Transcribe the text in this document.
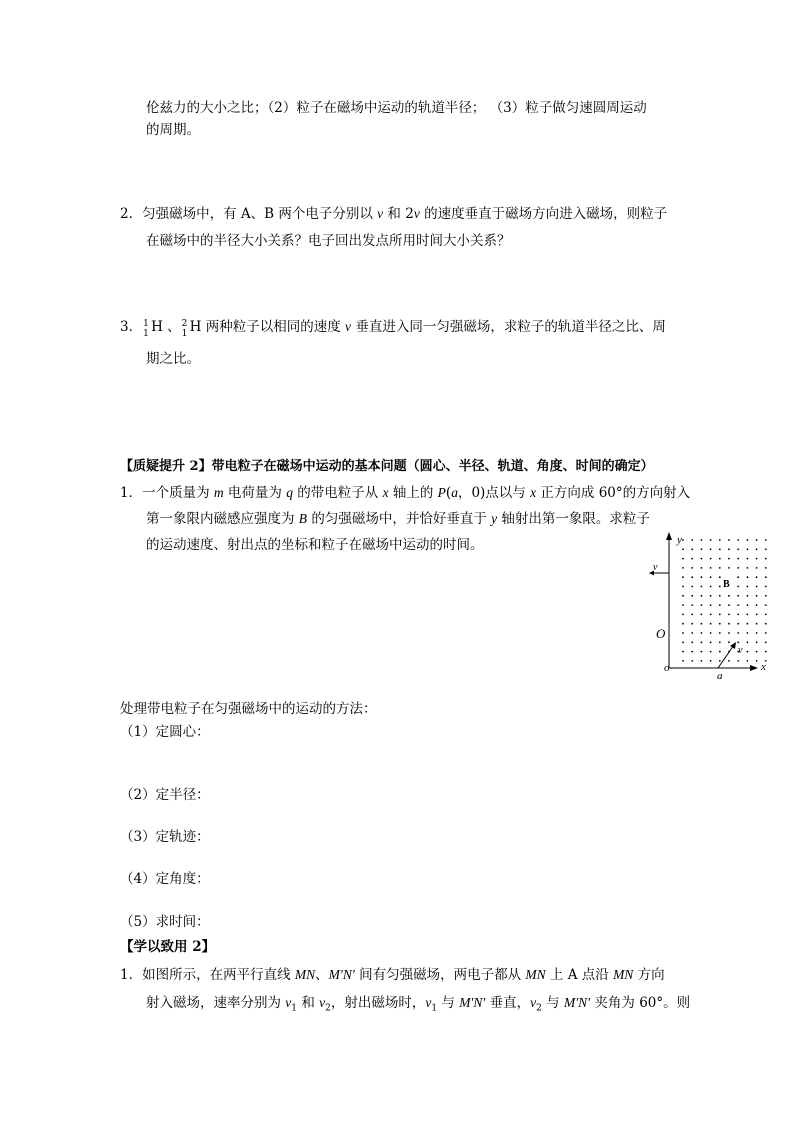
伦兹力的大小之比；（2）粒子在磁场中运动的轨道半径； （3）粒子做匀速圆周运动
的周期。
2．匀强磁场中，有 A、B 两个电子分别以 v 和 2v 的速度垂直于磁场方向进入磁场，则粒子
在磁场中的半径大小关系？电子回出发点所用时间大小关系？
3． 1
1 H 、 2
1 H 两种粒子以相同的速度 v 垂直进入同一匀强磁场，求粒子的轨道半径之比、周
期之比。
【质疑提升 2】带电粒子在磁场中运动的基本问题（圆心、半径、轨道、角度、时间的确定）
1．一个质量为 m 电荷量为 q 的带电粒子从 x 轴上的 P(a，0)点以与 x 正方向成 60°的方向射入
第一象限内磁感应强度为 B 的匀强磁场中，并恰好垂直于 y 轴射出第一象限。求粒子
的运动速度、射出点的坐标和粒子在磁场中运动的时间。	y
x
o
O
B
v
v
a
处理带电粒子在匀强磁场中的运动的方法：
（1）定圆心：
（2）定半径：
（3）定轨迹：
（4）定角度：
（5）求时间：
【学以致用 2】
1．如图所示，在两平行直线 MN、M′N′ 间有匀强磁场，两电子都从 MN 上 A 点沿 MN 方向
射入磁场，速率分别为 $v_1$ 和 $v_2$，射出磁场时，$v_1$ 与 M′N′ 垂直，$v_2$ 与 M′N′ 夹角为 60°。则
